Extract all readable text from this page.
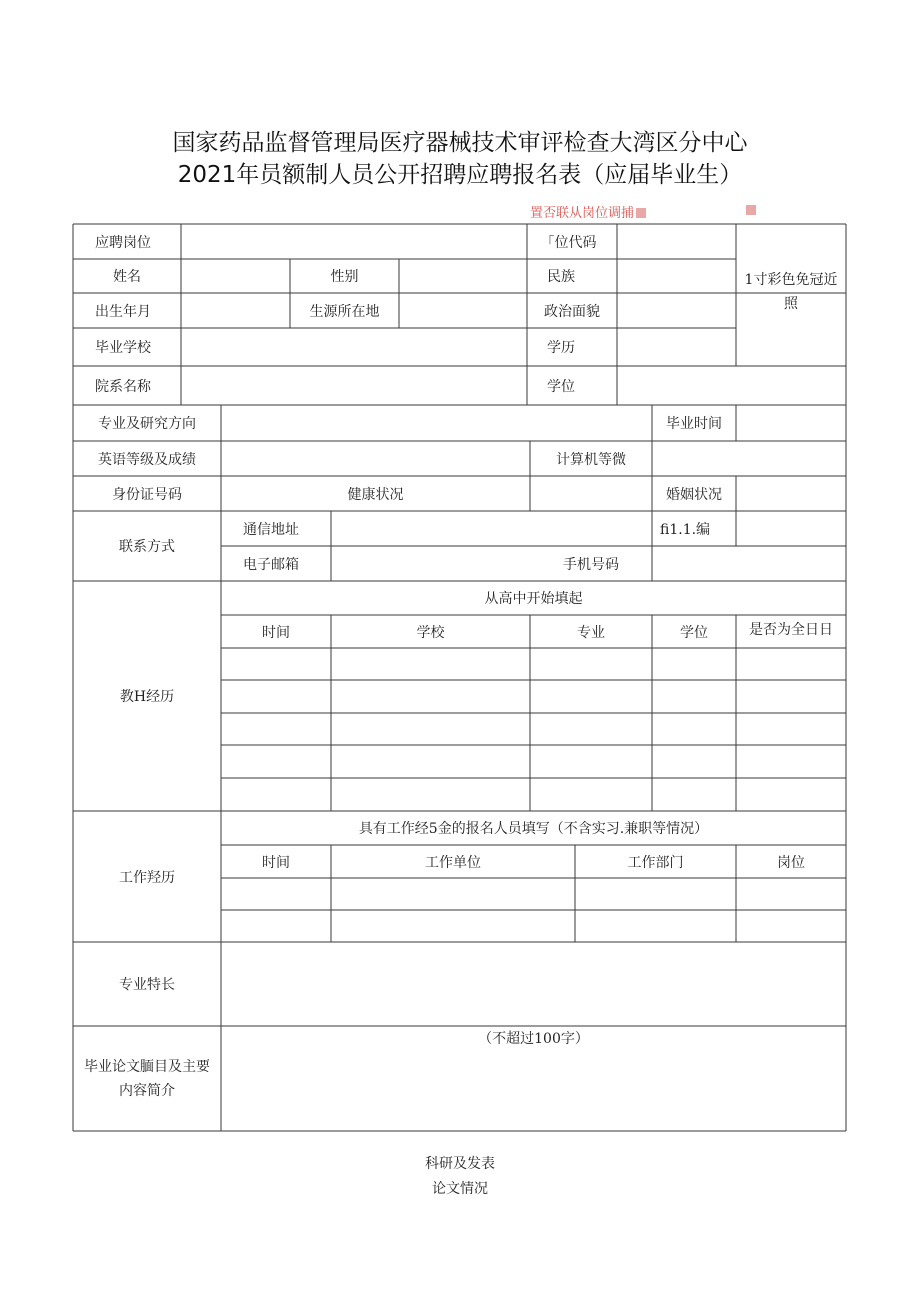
国家药品监督管理局医疗器械技术审评检查大湾区分中心
2021年员额制人员公开招聘应聘报名表（应届毕业生）
置否联从岗位调捕
应聘岗位	｢位代码
1寸彩色免冠近照
姓名	性别	民族
出生年月	生源所在地	政治面貌
毕业学校	学历
院系名称	学位
专业及研究方向	毕业时间
英语等级及成绩	计算机等微
身份证号码	健康状况	婚姻状况
联系方式
通信地址	fi1.1.编
电子邮箱	手机号码
教H经历
从高中开始填起
时间	学校	专业	学位	是否为全日日
工作羟历
具有工作经5金的报名人员填写（不含实习.兼职等情况）
时间	工作单位	工作部门	岗位
专业特长
毕业论文腼目及主要内容简介
（不超过100字）
科研及发表
论文情况
